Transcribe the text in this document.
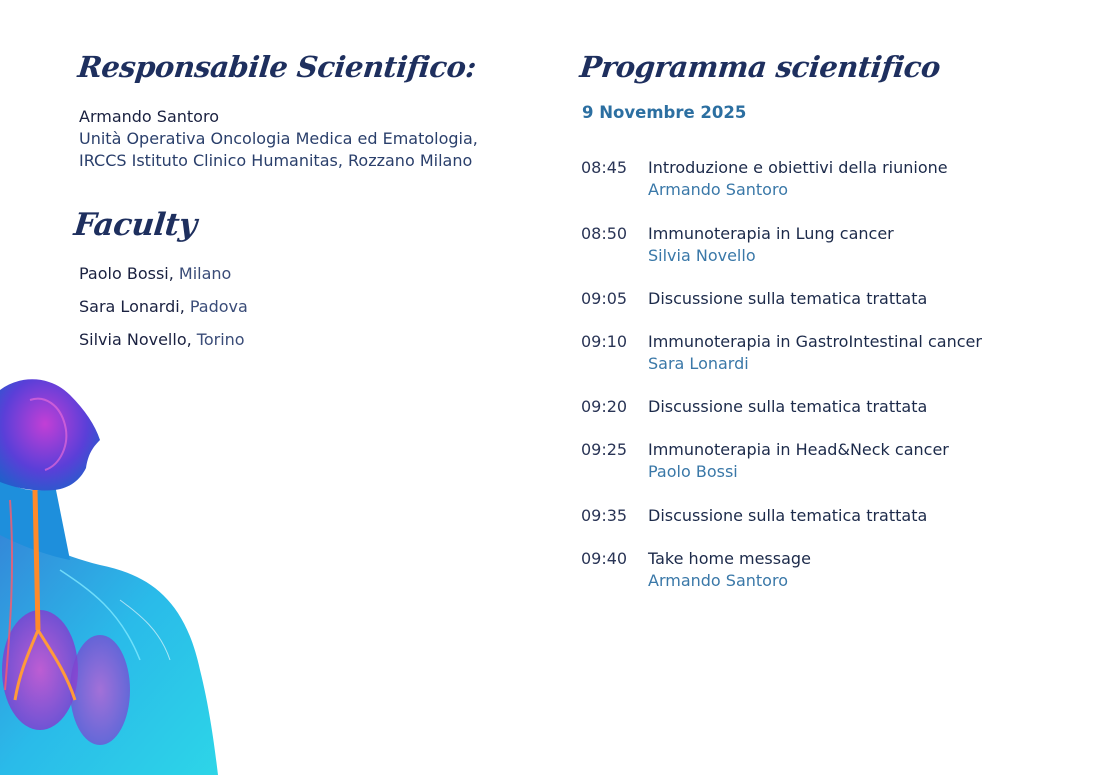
Responsabile Scientifico:
Armando Santoro
Unità Operativa Oncologia Medica ed Ematologia,
IRCCS Istituto Clinico Humanitas, Rozzano Milano
Faculty
Paolo Bossi, Milano
Sara Lonardi, Padova
Silvia Novello, Torino
Programma scientifico
9 Novembre 2025
08:45 Introduzione e obiettivi della riunione
Armando Santoro
08:50 Immunoterapia in Lung cancer
Silvia Novello
09:05 Discussione sulla tematica trattata
09:10 Immunoterapia in GastroIntestinal cancer
Sara Lonardi
09:20 Discussione sulla tematica trattata
09:25 Immunoterapia in Head&Neck cancer
Paolo Bossi
09:35 Discussione sulla tematica trattata
09:40 Take home message
Armando Santoro
